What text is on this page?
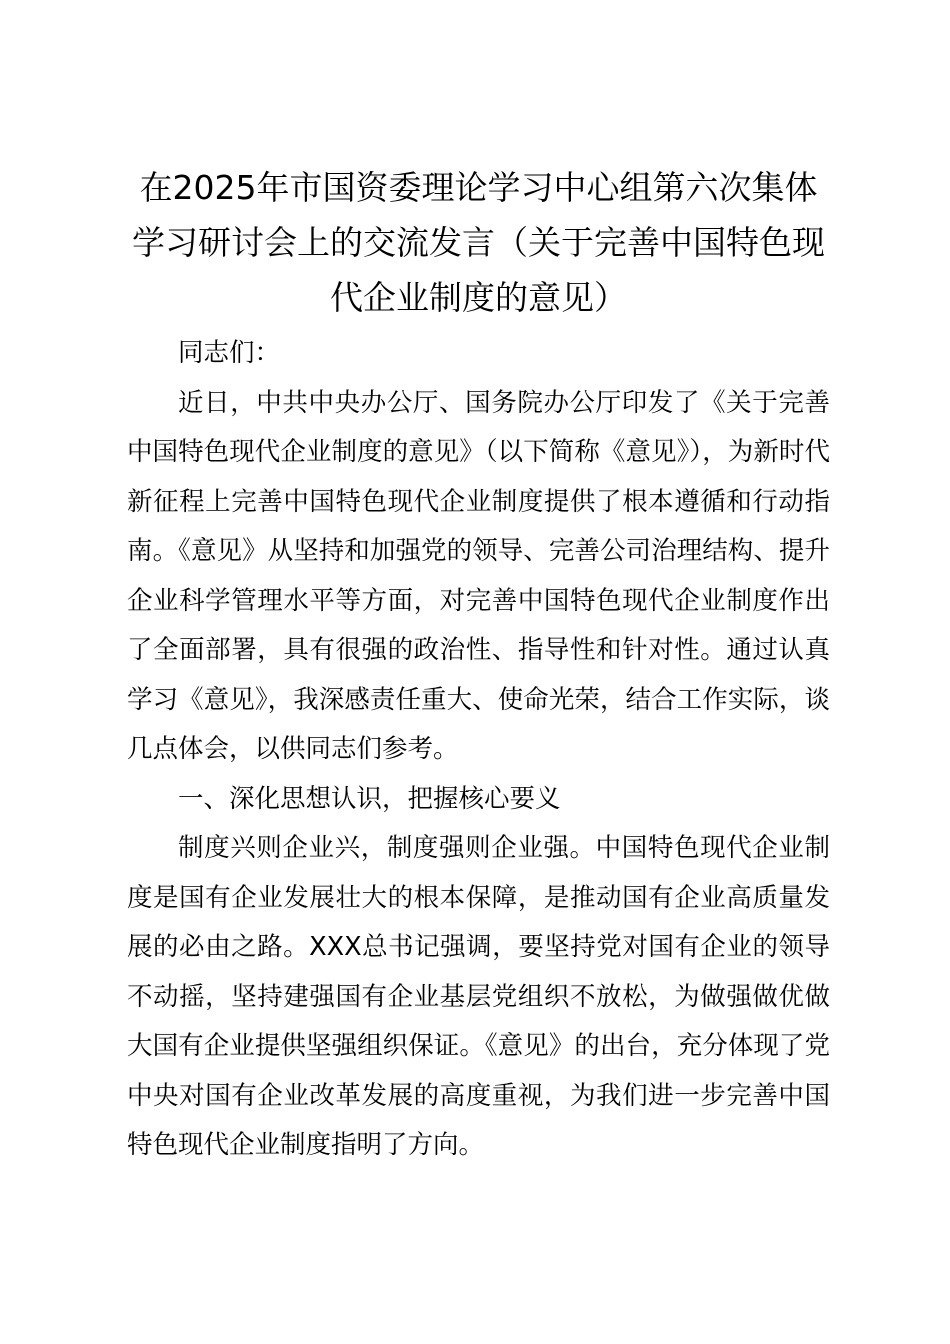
在2025年市国资委理论学习中心组第六次集体学习研讨会上的交流发言（关于完善中国特色现代企业制度的意见）

同志们：

近日，中共中央办公厅、国务院办公厅印发了《关于完善中国特色现代企业制度的意见》（以下简称《意见》），为新时代新征程上完善中国特色现代企业制度提供了根本遵循和行动指南。《意见》从坚持和加强党的领导、完善公司治理结构、提升企业科学管理水平等方面，对完善中国特色现代企业制度作出了全面部署，具有很强的政治性、指导性和针对性。通过认真学习《意见》，我深感责任重大、使命光荣，结合工作实际，谈几点体会，以供同志们参考。

一、深化思想认识，把握核心要义

制度兴则企业兴，制度强则企业强。中国特色现代企业制度是国有企业发展壮大的根本保障，是推动国有企业高质量发展的必由之路。XXX总书记强调，要坚持党对国有企业的领导不动摇，坚持建强国有企业基层党组织不放松，为做强做优做大国有企业提供坚强组织保证。《意见》的出台，充分体现了党中央对国有企业改革发展的高度重视，为我们进一步完善中国特色现代企业制度指明了方向。
